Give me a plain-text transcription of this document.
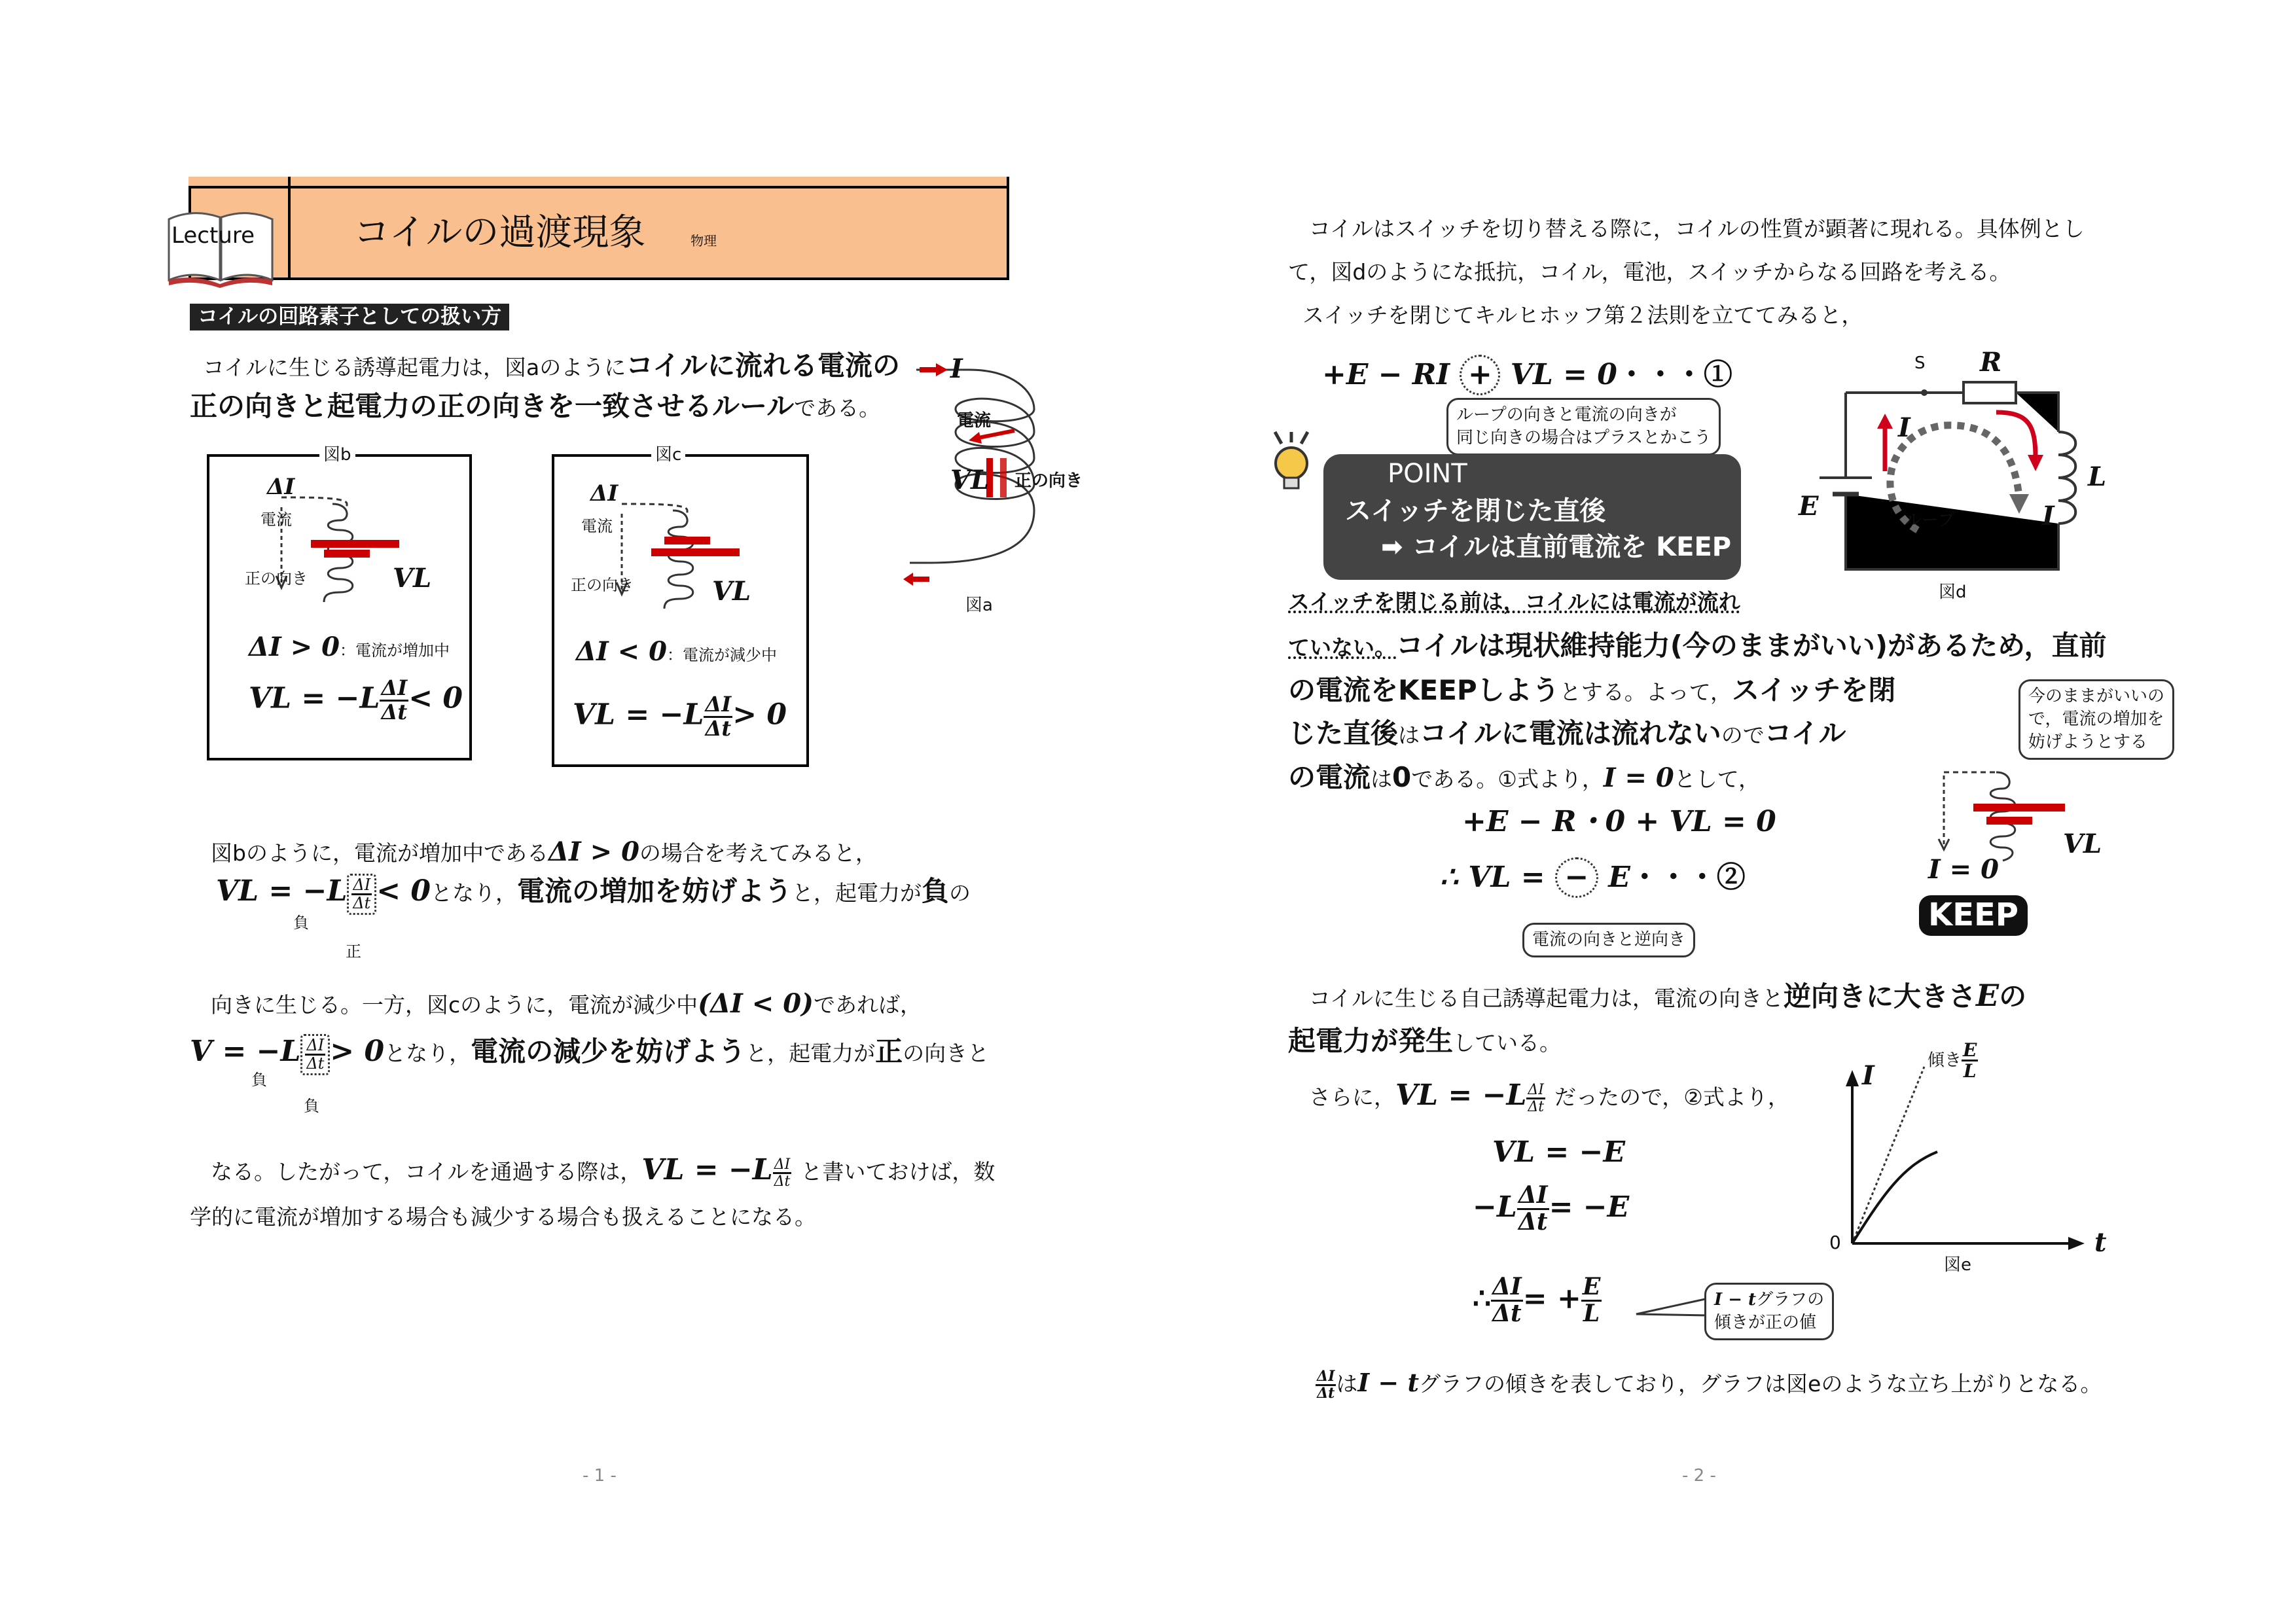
Lecture	コイルの過渡現象	物理
コイルの回路素子としての扱い方
コイルに生じる誘導起電力は，図aのようにコイルに流れる電流の
正の向きと起電力の正の向きを一致させるルールである。
I
電流
VL 正の向き
図a
図b
ΔI
電流
正の向き	VL
ΔI > 0：電流が増加中
VL = $-L \frac{\Delta I}{\Delta t} < 0$
図c
ΔI
電流
正の向き	VL
ΔI < 0：電流が減少中
VL = $-L \frac{\Delta I}{\Delta t} > 0$
図bのように，電流が増加中であるΔI > 0の場合を考えてみると，
VL = $-L \frac{\Delta I}{\Delta t} < 0$となり，電流の増加を妨げようと，起電力が負の
負
正
向きに生じる。一方，図cのように，電流が減少中(ΔI < 0)であれば，
$V = -L \frac{\Delta I}{\Delta t} > 0$となり，電流の減少を妨げようと，起電力が正の向きと
負
負
なる。したがって，コイルを通過する際は，VL = $-L \frac{\Delta I}{\Delta t}$ と書いておけば，数
学的に電流が増加する場合も減少する場合も扱えることになる。
- 1 -
コイルはスイッチを切り替える際に，コイルの性質が顕著に現れる。具体例とし
て，図dのようにな抵抗，コイル，電池，スイッチからなる回路を考える。
スイッチを閉じてキルヒホッフ第２法則を立ててみると，
+E − RI + VL = 0・・・①
ループの向きと電流の向きが
同じ向きの場合はプラスとかこう
POINT
スイッチを閉じた直後
➡ コイルは直前電流を KEEP
S R
I
E
L
I
ループ
図d
スイッチを閉じる前は，コイルには電流が流れ
ていない。コイルは現状維持能力(今のままがいい)があるため，直前
の電流をKEEPしようとする。よって，スイッチを閉
じた直後はコイルに電流は流れないのでコイル
の電流は0である。①式より，I = 0として，
+E − R・0 + VL = 0
∴ VL = − E・・・②
電流の向きと逆向き
今のままがいいの
で，電流の増加を
妨げようとする
VL
I = 0
KEEP
コイルに生じる自己誘導起電力は，電流の向きと逆向きに大きさEの
起電力が発生している。
さらに，VL = $-L \frac{\Delta I}{\Delta t}$ だったので，②式より，
VL = −E
$-L \frac{\Delta I}{\Delta t} = -E$
∴ $\frac{\Delta I}{\Delta t}$ = + $\frac{E}{L}$	I − tグラフの
傾きが正の値
I
t
0
傾き $\frac{E}{L}$
図e
$\frac{\Delta I}{\Delta t}$ はI − tグラフの傾きを表しており，グラフは図eのような立ち上がりとなる。
- 2 -
